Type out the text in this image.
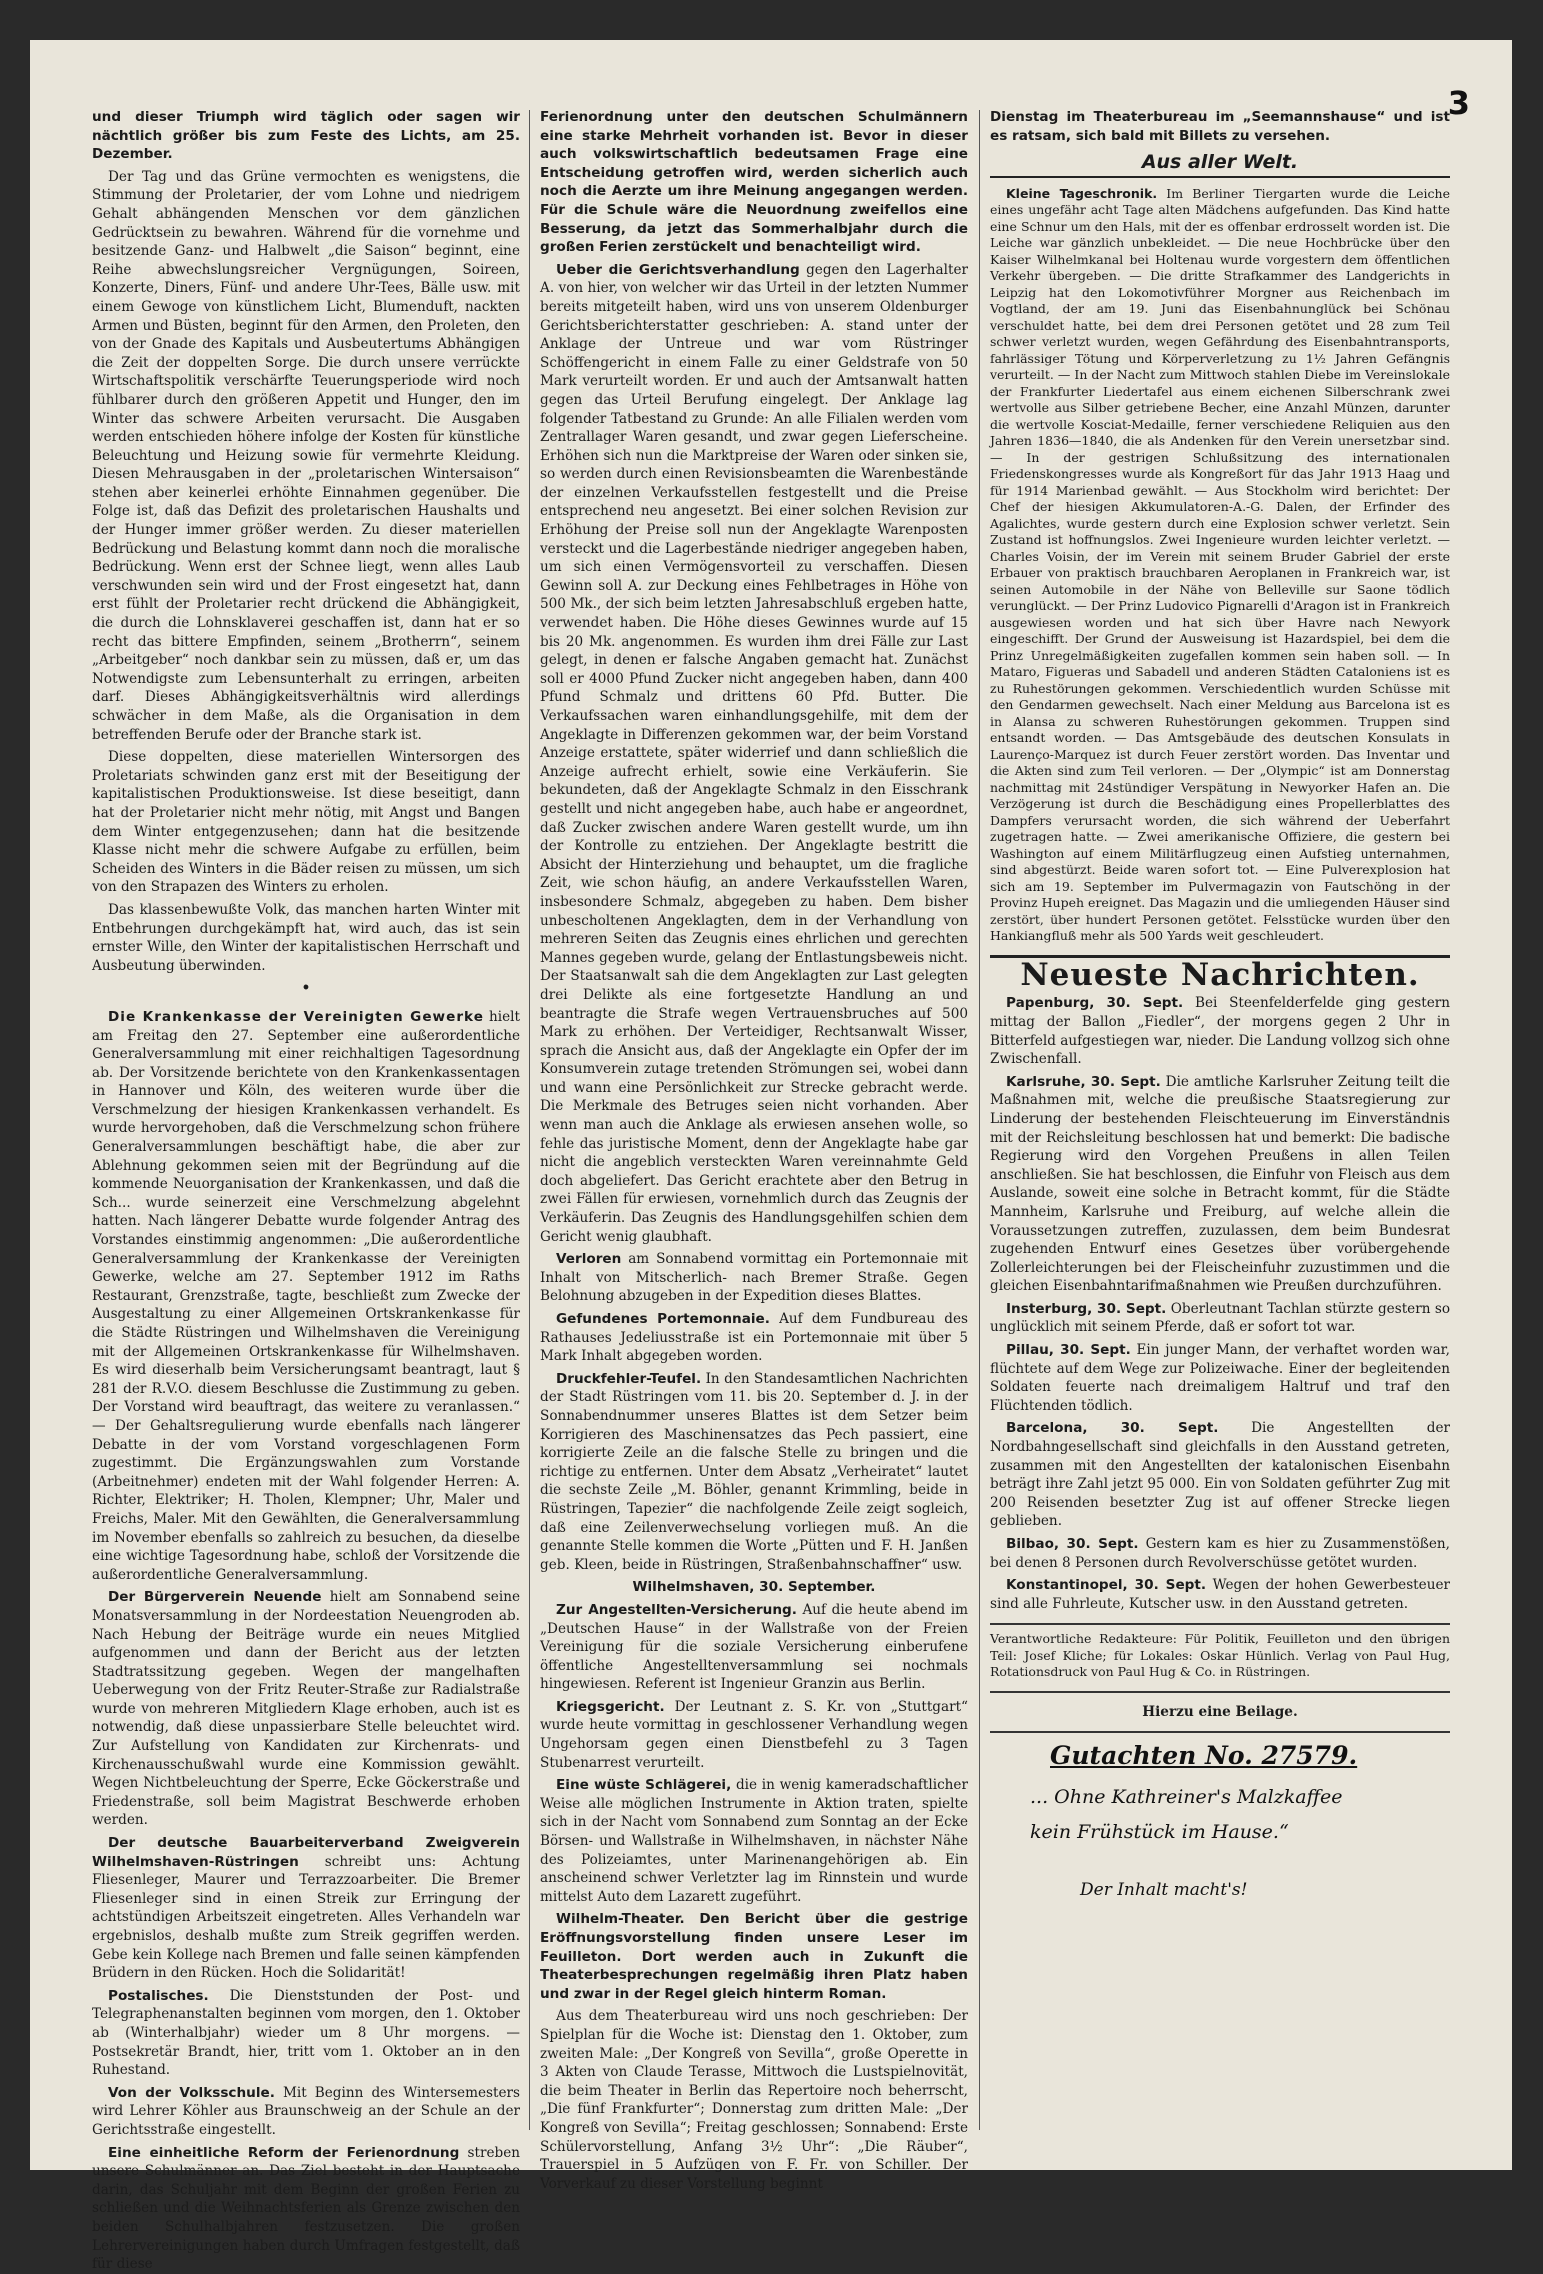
3

und dieser Triumph wird täglich oder sagen wir nächtlich größer bis zum Feste des Lichts, am 25. Dezember.

Der Tag und das Grüne vermochten es wenigstens, die Stimmung der Proletarier, der vom Lohne und niedrigem Gehalt abhängenden Menschen vor dem gänzlichen Gedrücktsein zu bewahren. Während für die vornehme und besitzende Ganz- und Halbwelt „die Saison“ beginnt, eine Reihe abwechslungsreicher Vergnügungen, Soireen, Konzerte, Diners, Fünf- und andere Uhr-Tees, Bälle usw. mit einem Gewoge von künstlichem Licht, Blumenduft, nackten Armen und Büsten, beginnt für den Armen, den Proleten, den von der Gnade des Kapitals und Ausbeutertums Abhängigen die Zeit der doppelten Sorge. Die durch unsere verrückte Wirtschaftspolitik verschärfte Teuerungsperiode wird noch fühlbarer durch den größeren Appetit und Hunger, den im Winter das schwere Arbeiten verursacht. Die Ausgaben werden entschieden höhere infolge der Kosten für künstliche Beleuchtung und Heizung sowie für vermehrte Kleidung. Diesen Mehrausgaben in der „proletarischen Wintersaison“ stehen aber keinerlei erhöhte Einnahmen gegenüber. Die Folge ist, daß das Defizit des proletarischen Haushalts und der Hunger immer größer werden. Zu dieser materiellen Bedrückung und Belastung kommt dann noch die moralische Bedrückung. Wenn erst der Schnee liegt, wenn alles Laub verschwunden sein wird und der Frost eingesetzt hat, dann erst fühlt der Proletarier recht drückend die Abhängigkeit, die durch die Lohnsklaverei geschaffen ist, dann hat er so recht das bittere Empfinden, seinem „Brotherrn“, seinem „Arbeitgeber“ noch dankbar sein zu müssen, daß er, um das Notwendigste zum Lebensunterhalt zu erringen, arbeiten darf. Dieses Abhängigkeitsverhältnis wird allerdings schwächer in dem Maße, als die Organisation in dem betreffenden Berufe oder der Branche stark ist.

Diese doppelten, diese materiellen Wintersorgen des Proletariats schwinden ganz erst mit der Beseitigung der kapitalistischen Produktionsweise. Ist diese beseitigt, dann hat der Proletarier nicht mehr nötig, mit Angst und Bangen dem Winter entgegenzusehen; dann hat die besitzende Klasse nicht mehr die schwere Aufgabe zu erfüllen, beim Scheiden des Winters in die Bäder reisen zu müssen, um sich von den Strapazen des Winters zu erholen.

Das klassenbewußte Volk, das manchen harten Winter mit Entbehrungen durchgekämpft hat, wird auch, das ist sein ernster Wille, den Winter der kapitalistischen Herrschaft und Ausbeutung überwinden.

•

Die Krankenkasse der Vereinigten Gewerke hielt am Freitag den 27. September eine außerordentliche Generalversammlung mit einer reichhaltigen Tagesordnung ab. Der Vorsitzende berichtete von den Krankenkassentagen in Hannover und Köln, des weiteren wurde über die Verschmelzung der hiesigen Krankenkassen verhandelt. Es wurde hervorgehoben, daß die Verschmelzung schon frühere Generalversammlungen beschäftigt habe, die aber zur Ablehnung gekommen seien mit der Begründung auf die kommende Neuorganisation der Krankenkassen, und daß die Sch... wurde seinerzeit eine Verschmelzung abgelehnt hatten. Nach längerer Debatte wurde folgender Antrag des Vorstandes einstimmig angenommen: „Die außerordentliche Generalversammlung der Krankenkasse der Vereinigten Gewerke, welche am 27. September 1912 im Raths Restaurant, Grenzstraße, tagte, beschließt zum Zwecke der Ausgestaltung zu einer Allgemeinen Ortskrankenkasse für die Städte Rüstringen und Wilhelmshaven die Vereinigung mit der Allgemeinen Ortskrankenkasse für Wilhelmshaven. Es wird dieserhalb beim Versicherungsamt beantragt, laut § 281 der R.V.O. diesem Beschlusse die Zustimmung zu geben. Der Vorstand wird beauftragt, das weitere zu veranlassen.“ — Der Gehaltsregulierung wurde ebenfalls nach längerer Debatte in der vom Vorstand vorgeschlagenen Form zugestimmt. Die Ergänzungswahlen zum Vorstande (Arbeitnehmer) endeten mit der Wahl folgender Herren: A. Richter, Elektriker; H. Tholen, Klempner; Uhr, Maler und Freichs, Maler. Mit den Gewählten, die Generalversammlung im November ebenfalls so zahlreich zu besuchen, da dieselbe eine wichtige Tagesordnung habe, schloß der Vorsitzende die außerordentliche Generalversammlung.

Der Bürgerverein Neuende hielt am Sonnabend seine Monatsversammlung in der Nordeestation Neuengroden ab. Nach Hebung der Beiträge wurde ein neues Mitglied aufgenommen und dann der Bericht aus der letzten Stadtratssitzung gegeben. Wegen der mangelhaften Ueberwegung von der Fritz Reuter-Straße zur Radialstraße wurde von mehreren Mitgliedern Klage erhoben, auch ist es notwendig, daß diese unpassierbare Stelle beleuchtet wird. Zur Aufstellung von Kandidaten zur Kirchenrats- und Kirchenausschußwahl wurde eine Kommission gewählt. Wegen Nichtbeleuchtung der Sperre, Ecke Göckerstraße und Friedenstraße, soll beim Magistrat Beschwerde erhoben werden.

Der deutsche Bauarbeiterverband Zweigverein Wilhelmshaven-Rüstringen schreibt uns: Achtung Fliesenleger, Maurer und Terrazzoarbeiter. Die Bremer Fliesenleger sind in einen Streik zur Erringung der achtstündigen Arbeitszeit eingetreten. Alles Verhandeln war ergebnislos, deshalb mußte zum Streik gegriffen werden. Gebe kein Kollege nach Bremen und falle seinen kämpfenden Brüdern in den Rücken. Hoch die Solidarität!

Postalisches. Die Dienststunden der Post- und Telegraphenanstalten beginnen vom morgen, den 1. Oktober ab (Winterhalbjahr) wieder um 8 Uhr morgens. — Postsekretär Brandt, hier, tritt vom 1. Oktober an in den Ruhestand.

Von der Volksschule. Mit Beginn des Wintersemesters wird Lehrer Köhler aus Braunschweig an der Schule an der Gerichtsstraße eingestellt.

Eine einheitliche Reform der Ferienordnung streben unsere Schulmänner an. Das Ziel besteht in der Hauptsache darin, das Schuljahr mit dem Beginn der großen Ferien zu schließen und die Weihnachtsferien als Grenze zwischen den beiden Schulhalbjahren festzusetzen. Die großen Lehrervereinigungen haben durch Umfragen festgestellt, daß für diese

Ferienordnung unter den deutschen Schulmännern eine starke Mehrheit vorhanden ist. Bevor in dieser auch volkswirtschaftlich bedeutsamen Frage eine Entscheidung getroffen wird, werden sicherlich auch noch die Aerzte um ihre Meinung angegangen werden. Für die Schule wäre die Neuordnung zweifellos eine Besserung, da jetzt das Sommerhalbjahr durch die großen Ferien zerstückelt und benachteiligt wird.

Ueber die Gerichtsverhandlung gegen den Lagerhalter A. von hier, von welcher wir das Urteil in der letzten Nummer bereits mitgeteilt haben, wird uns von unserem Oldenburger Gerichtsberichterstatter geschrieben: A. stand unter der Anklage der Untreue und war vom Rüstringer Schöffengericht in einem Falle zu einer Geldstrafe von 50 Mark verurteilt worden. Er und auch der Amtsanwalt hatten gegen das Urteil Berufung eingelegt. Der Anklage lag folgender Tatbestand zu Grunde: An alle Filialen werden vom Zentrallager Waren gesandt, und zwar gegen Lieferscheine. Erhöhen sich nun die Marktpreise der Waren oder sinken sie, so werden durch einen Revisionsbeamten die Warenbestände der einzelnen Verkaufsstellen festgestellt und die Preise entsprechend neu angesetzt. Bei einer solchen Revision zur Erhöhung der Preise soll nun der Angeklagte Warenposten versteckt und die Lagerbestände niedriger angegeben haben, um sich einen Vermögensvorteil zu verschaffen. Diesen Gewinn soll A. zur Deckung eines Fehlbetrages in Höhe von 500 Mk., der sich beim letzten Jahresabschluß ergeben hatte, verwendet haben. Die Höhe dieses Gewinnes wurde auf 15 bis 20 Mk. angenommen. Es wurden ihm drei Fälle zur Last gelegt, in denen er falsche Angaben gemacht hat. Zunächst soll er 4000 Pfund Zucker nicht angegeben haben, dann 400 Pfund Schmalz und drittens 60 Pfd. Butter. Die Verkaufssachen waren einhandlungsgehilfe, mit dem der Angeklagte in Differenzen gekommen war, der beim Vorstand Anzeige erstattete, später widerrief und dann schließlich die Anzeige aufrecht erhielt, sowie eine Verkäuferin. Sie bekundeten, daß der Angeklagte Schmalz in den Eisschrank gestellt und nicht angegeben habe, auch habe er angeordnet, daß Zucker zwischen andere Waren gestellt wurde, um ihn der Kontrolle zu entziehen. Der Angeklagte bestritt die Absicht der Hinterziehung und behauptet, um die fragliche Zeit, wie schon häufig, an andere Verkaufsstellen Waren, insbesondere Schmalz, abgegeben zu haben. Dem bisher unbescholtenen Angeklagten, dem in der Verhandlung von mehreren Seiten das Zeugnis eines ehrlichen und gerechten Mannes gegeben wurde, gelang der Entlastungsbeweis nicht. Der Staatsanwalt sah die dem Angeklagten zur Last gelegten drei Delikte als eine fortgesetzte Handlung an und beantragte die Strafe wegen Vertrauensbruches auf 500 Mark zu erhöhen. Der Verteidiger, Rechtsanwalt Wisser, sprach die Ansicht aus, daß der Angeklagte ein Opfer der im Konsumverein zutage tretenden Strömungen sei, wobei dann und wann eine Persönlichkeit zur Strecke gebracht werde. Die Merkmale des Betruges seien nicht vorhanden. Aber wenn man auch die Anklage als erwiesen ansehen wolle, so fehle das juristische Moment, denn der Angeklagte habe gar nicht die angeblich versteckten Waren vereinnahmte Geld doch abgeliefert. Das Gericht erachtete aber den Betrug in zwei Fällen für erwiesen, vornehmlich durch das Zeugnis der Verkäuferin. Das Zeugnis des Handlungsgehilfen schien dem Gericht wenig glaubhaft.

Verloren am Sonnabend vormittag ein Portemonnaie mit Inhalt von Mitscherlich- nach Bremer Straße. Gegen Belohnung abzugeben in der Expedition dieses Blattes.

Gefundenes Portemonnaie. Auf dem Fundbureau des Rathauses Jedeliusstraße ist ein Portemonnaie mit über 5 Mark Inhalt abgegeben worden.

Druckfehler-Teufel. In den Standesamtlichen Nachrichten der Stadt Rüstringen vom 11. bis 20. September d. J. in der Sonnabendnummer unseres Blattes ist dem Setzer beim Korrigieren des Maschinensatzes das Pech passiert, eine korrigierte Zeile an die falsche Stelle zu bringen und die richtige zu entfernen. Unter dem Absatz „Verheiratet“ lautet die sechste Zeile „M. Böhler, genannt Krimmling, beide in Rüstringen, Tapezier“ die nachfolgende Zeile zeigt sogleich, daß eine Zeilenverwechselung vorliegen muß. An die genannte Stelle kommen die Worte „Pütten und F. H. Janßen geb. Kleen, beide in Rüstringen, Straßenbahnschaffner“ usw.

Wilhelmshaven, 30. September.

Zur Angestellten-Versicherung. Auf die heute abend im „Deutschen Hause“ in der Wallstraße von der Freien Vereinigung für die soziale Versicherung einberufene öffentliche Angestelltenversammlung sei nochmals hingewiesen. Referent ist Ingenieur Granzin aus Berlin.

Kriegsgericht. Der Leutnant z. S. Kr. von „Stuttgart“ wurde heute vormittag in geschlossener Verhandlung wegen Ungehorsam gegen einen Dienstbefehl zu 3 Tagen Stubenarrest verurteilt.

Eine wüste Schlägerei, die in wenig kameradschaftlicher Weise alle möglichen Instrumente in Aktion traten, spielte sich in der Nacht vom Sonnabend zum Sonntag an der Ecke Börsen- und Wallstraße in Wilhelmshaven, in nächster Nähe des Polizeiamtes, unter Marinenangehörigen ab. Ein anscheinend schwer Verletzter lag im Rinnstein und wurde mittelst Auto dem Lazarett zugeführt.

Wilhelm-Theater. Den Bericht über die gestrige Eröffnungsvorstellung finden unsere Leser im Feuilleton. Dort werden auch in Zukunft die Theaterbesprechungen regelmäßig ihren Platz haben und zwar in der Regel gleich hinterm Roman.

Aus dem Theaterbureau wird uns noch geschrieben: Der Spielplan für die Woche ist: Dienstag den 1. Oktober, zum zweiten Male: „Der Kongreß von Sevilla“, große Operette in 3 Akten von Claude Terasse, Mittwoch die Lustspielnovität, die beim Theater in Berlin das Repertoire noch beherrscht, „Die fünf Frankfurter“; Donnerstag zum dritten Male: „Der Kongreß von Sevilla“; Freitag geschlossen; Sonnabend: Erste Schülervorstellung, Anfang 3½ Uhr“: „Die Räuber“, Trauerspiel in 5 Aufzügen von F. Fr. von Schiller. Der Vorverkauf zu dieser Vorstellung beginnt

Dienstag im Theaterbureau im „Seemannshause“ und ist es ratsam, sich bald mit Billets zu versehen.

Aus aller Welt.

Kleine Tageschronik. Im Berliner Tiergarten wurde die Leiche eines ungefähr acht Tage alten Mädchens aufgefunden. Das Kind hatte eine Schnur um den Hals, mit der es offenbar erdrosselt worden ist. Die Leiche war gänzlich unbekleidet. — Die neue Hochbrücke über den Kaiser Wilhelmkanal bei Holtenau wurde vorgestern dem öffentlichen Verkehr übergeben. — Die dritte Strafkammer des Landgerichts in Leipzig hat den Lokomotivführer Morgner aus Reichenbach im Vogtland, der am 19. Juni das Eisenbahnunglück bei Schönau verschuldet hatte, bei dem drei Personen getötet und 28 zum Teil schwer verletzt wurden, wegen Gefährdung des Eisenbahntransports, fahrlässiger Tötung und Körperverletzung zu 1½ Jahren Gefängnis verurteilt. — In der Nacht zum Mittwoch stahlen Diebe im Vereinslokale der Frankfurter Liedertafel aus einem eichenen Silberschrank zwei wertvolle aus Silber getriebene Becher, eine Anzahl Münzen, darunter die wertvolle Kosciat-Medaille, ferner verschiedene Reliquien aus den Jahren 1836—1840, die als Andenken für den Verein unersetzbar sind. — In der gestrigen Schlußsitzung des internationalen Friedenskongresses wurde als Kongreßort für das Jahr 1913 Haag und für 1914 Marienbad gewählt. — Aus Stockholm wird berichtet: Der Chef der hiesigen Akkumulatoren-A.-G. Dalen, der Erfinder des Agalichtes, wurde gestern durch eine Explosion schwer verletzt. Sein Zustand ist hoffnungslos. Zwei Ingenieure wurden leichter verletzt. — Charles Voisin, der im Verein mit seinem Bruder Gabriel der erste Erbauer von praktisch brauchbaren Aeroplanen in Frankreich war, ist seinen Automobile in der Nähe von Belleville sur Saone tödlich verunglückt. — Der Prinz Ludovico Pignarelli d'Aragon ist in Frankreich ausgewiesen worden und hat sich über Havre nach Newyork eingeschifft. Der Grund der Ausweisung ist Hazardspiel, bei dem die Prinz Unregelmäßigkeiten zugefallen kommen sein haben soll. — In Mataro, Figueras und Sabadell und anderen Städten Cataloniens ist es zu Ruhestörungen gekommen. Verschiedentlich wurden Schüsse mit den Gendarmen gewechselt. Nach einer Meldung aus Barcelona ist es in Alansa zu schweren Ruhestörungen gekommen. Truppen sind entsandt worden. — Das Amtsgebäude des deutschen Konsulats in Laurenço-Marquez ist durch Feuer zerstört worden. Das Inventar und die Akten sind zum Teil verloren. — Der „Olympic“ ist am Donnerstag nachmittag mit 24stündiger Verspätung in Newyorker Hafen an. Die Verzögerung ist durch die Beschädigung eines Propellerblattes des Dampfers verursacht worden, die sich während der Ueberfahrt zugetragen hatte. — Zwei amerikanische Offiziere, die gestern bei Washington auf einem Militärflugzeug einen Aufstieg unternahmen, sind abgestürzt. Beide waren sofort tot. — Eine Pulverexplosion hat sich am 19. September im Pulvermagazin von Fautschöng in der Provinz Hupeh ereignet. Das Magazin und die umliegenden Häuser sind zerstört, über hundert Personen getötet. Felsstücke wurden über den Hankiangfluß mehr als 500 Yards weit geschleudert.

Neueste Nachrichten.

Papenburg, 30. Sept. Bei Steenfelderfelde ging gestern mittag der Ballon „Fiedler“, der morgens gegen 2 Uhr in Bitterfeld aufgestiegen war, nieder. Die Landung vollzog sich ohne Zwischenfall.

Karlsruhe, 30. Sept. Die amtliche Karlsruher Zeitung teilt die Maßnahmen mit, welche die preußische Staatsregierung zur Linderung der bestehenden Fleischteuerung im Einverständnis mit der Reichsleitung beschlossen hat und bemerkt: Die badische Regierung wird den Vorgehen Preußens in allen Teilen anschließen. Sie hat beschlossen, die Einfuhr von Fleisch aus dem Auslande, soweit eine solche in Betracht kommt, für die Städte Mannheim, Karlsruhe und Freiburg, auf welche allein die Voraussetzungen zutreffen, zuzulassen, dem beim Bundesrat zugehenden Entwurf eines Gesetzes über vorübergehende Zollerleichterungen bei der Fleischeinfuhr zuzustimmen und die gleichen Eisenbahntarifmaßnahmen wie Preußen durchzuführen.

Insterburg, 30. Sept. Oberleutnant Tachlan stürzte gestern so unglücklich mit seinem Pferde, daß er sofort tot war.

Pillau, 30. Sept. Ein junger Mann, der verhaftet worden war, flüchtete auf dem Wege zur Polizeiwache. Einer der begleitenden Soldaten feuerte nach dreimaligem Haltruf und traf den Flüchtenden tödlich.

Barcelona, 30. Sept. Die Angestellten der Nordbahngesellschaft sind gleichfalls in den Ausstand getreten, zusammen mit den Angestellten der katalonischen Eisenbahn beträgt ihre Zahl jetzt 95 000. Ein von Soldaten geführter Zug mit 200 Reisenden besetzter Zug ist auf offener Strecke liegen geblieben.

Bilbao, 30. Sept. Gestern kam es hier zu Zusammenstößen, bei denen 8 Personen durch Revolverschüsse getötet wurden.

Konstantinopel, 30. Sept. Wegen der hohen Gewerbesteuer sind alle Fuhrleute, Kutscher usw. in den Ausstand getreten.

Verantwortliche Redakteure: Für Politik, Feuilleton und den übrigen Teil: Josef Kliche; für Lokales: Oskar Hünlich. Verlag von Paul Hug, Rotationsdruck von Paul Hug & Co. in Rüstringen.

Hierzu eine Beilage.
Gutachten No. 27579.
... Ohne Kathreiner's Malzkaffee
kein Frühstück im Hause.“
Der Inhalt macht's!
